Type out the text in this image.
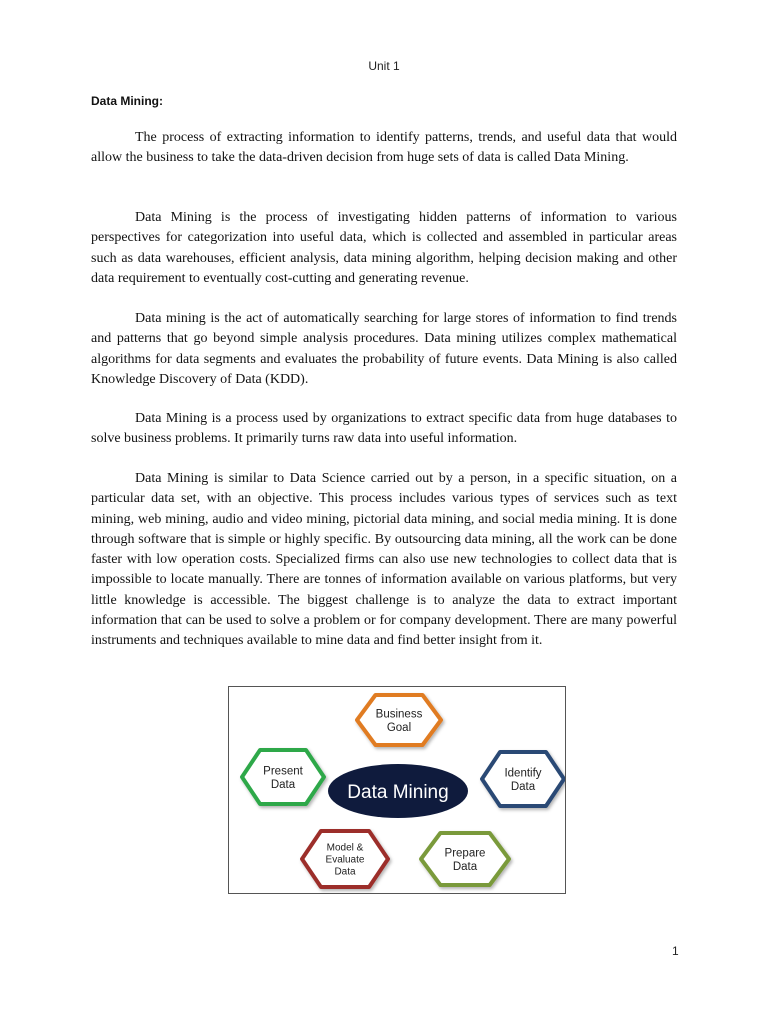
Unit 1
Data Mining:

The process of extracting information to identify patterns, trends, and useful data that would allow the business to take the data-driven decision from huge sets of data is called Data Mining.

Data Mining is the process of investigating hidden patterns of information to various perspectives for categorization into useful data, which is collected and assembled in particular areas such as data warehouses, efficient analysis, data mining algorithm, helping decision making and other data requirement to eventually cost-cutting and generating revenue.

Data mining is the act of automatically searching for large stores of information to find trends and patterns that go beyond simple analysis procedures. Data mining utilizes complex mathematical algorithms for data segments and evaluates the probability of future events. Data Mining is also called Knowledge Discovery of Data (KDD).

Data Mining is a process used by organizations to extract specific data from huge databases to solve business problems. It primarily turns raw data into useful information.

Data Mining is similar to Data Science carried out by a person, in a specific situation, on a particular data set, with an objective. This process includes various types of services such as text mining, web mining, audio and video mining, pictorial data mining, and social media mining. It is done through software that is simple or highly specific. By outsourcing data mining, all the work can be done faster with low operation costs. Specialized firms can also use new technologies to collect data that is impossible to locate manually. There are tonnes of information available on various platforms, but very little knowledge is accessible. The biggest challenge is to analyze the data to extract important information that can be used to solve a problem or for company development. There are many powerful instruments and techniques available to mine data and find better insight from it.

Data Mining
Business
Goal
Identify
Data
Prepare
Data
Model &
Evaluate
Data
Present
Data
1
